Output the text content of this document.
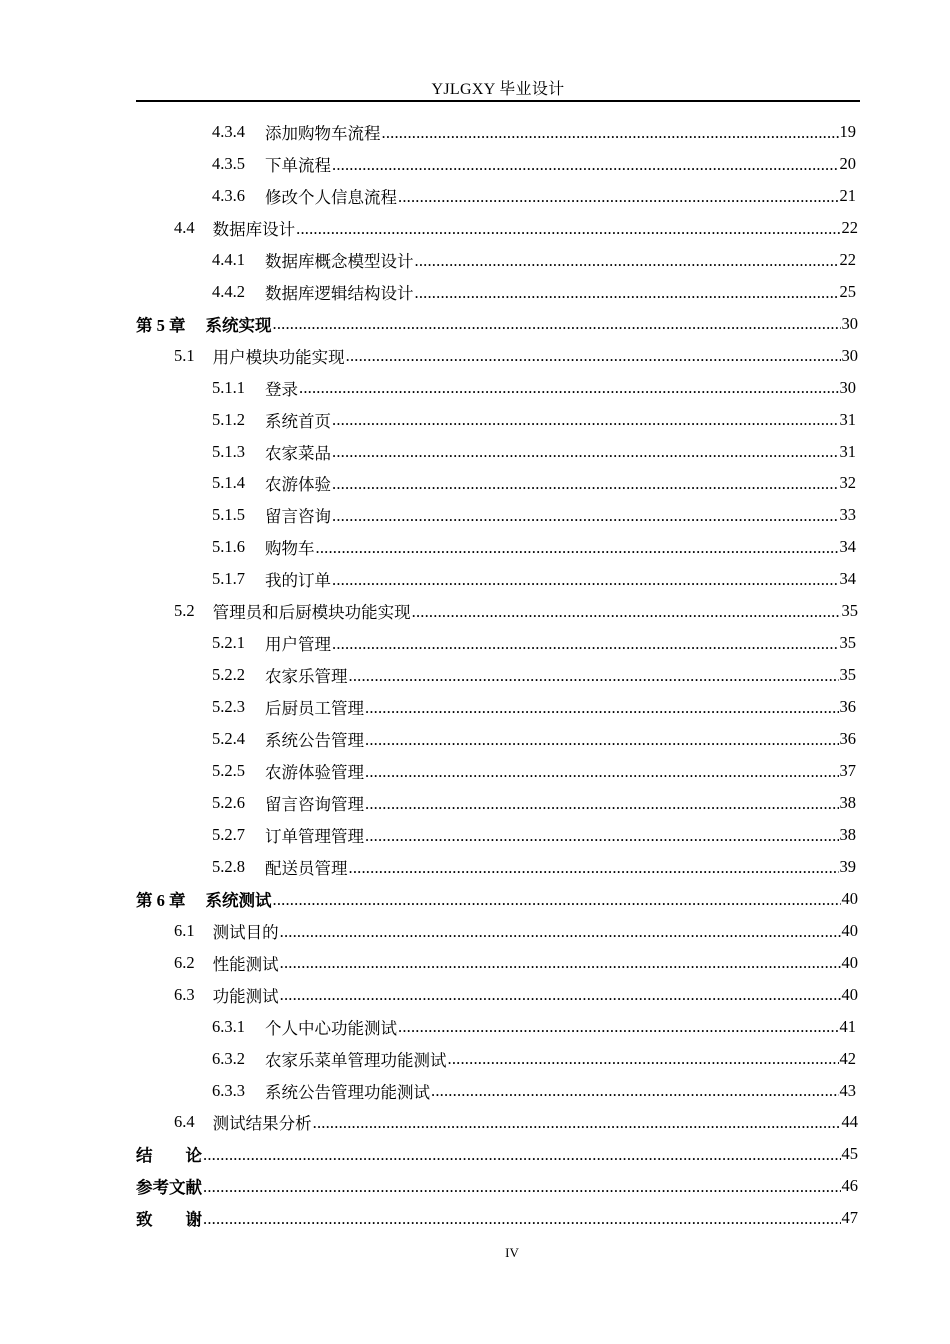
YJLGXY 毕业设计
4.3.4 添加购物车流程 .....	19
4.3.5 下单流程 .....	20
4.3.6 修改个人信息流程 .....	21
4.4 数据库设计 .....	22
4.4.1 数据库概念模型设计 .....	22
4.4.2 数据库逻辑结构设计 .....	25
第 5 章 系统实现 .....	30
5.1 用户模块功能实现 .....	30
5.1.1 登录 .....	30
5.1.2 系统首页 .....	31
5.1.3 农家菜品 .....	31
5.1.4 农游体验 .....	32
5.1.5 留言咨询 .....	33
5.1.6 购物车 .....	34
5.1.7 我的订单 .....	34
5.2 管理员和后厨模块功能实现 .....	35
5.2.1 用户管理 .....	35
5.2.2 农家乐管理 .....	35
5.2.3 后厨员工管理 .....	36
5.2.4 系统公告管理 .....	36
5.2.5 农游体验管理 .....	37
5.2.6 留言咨询管理 .....	38
5.2.7 订单管理管理 .....	38
5.2.8 配送员管理 .....	39
第 6 章 系统测试 .....	40
6.1 测试目的 .....	40
6.2 性能测试 .....	40
6.3 功能测试 .....	40
6.3.1 个人中心功能测试 .....	41
6.3.2 农家乐菜单管理功能测试 .....	42
6.3.3 系统公告管理功能测试 .....	43
6.4 测试结果分析 .....	44
结　　论 .....	45
参考文献 .....	46
致　　谢 .....	47
IV
